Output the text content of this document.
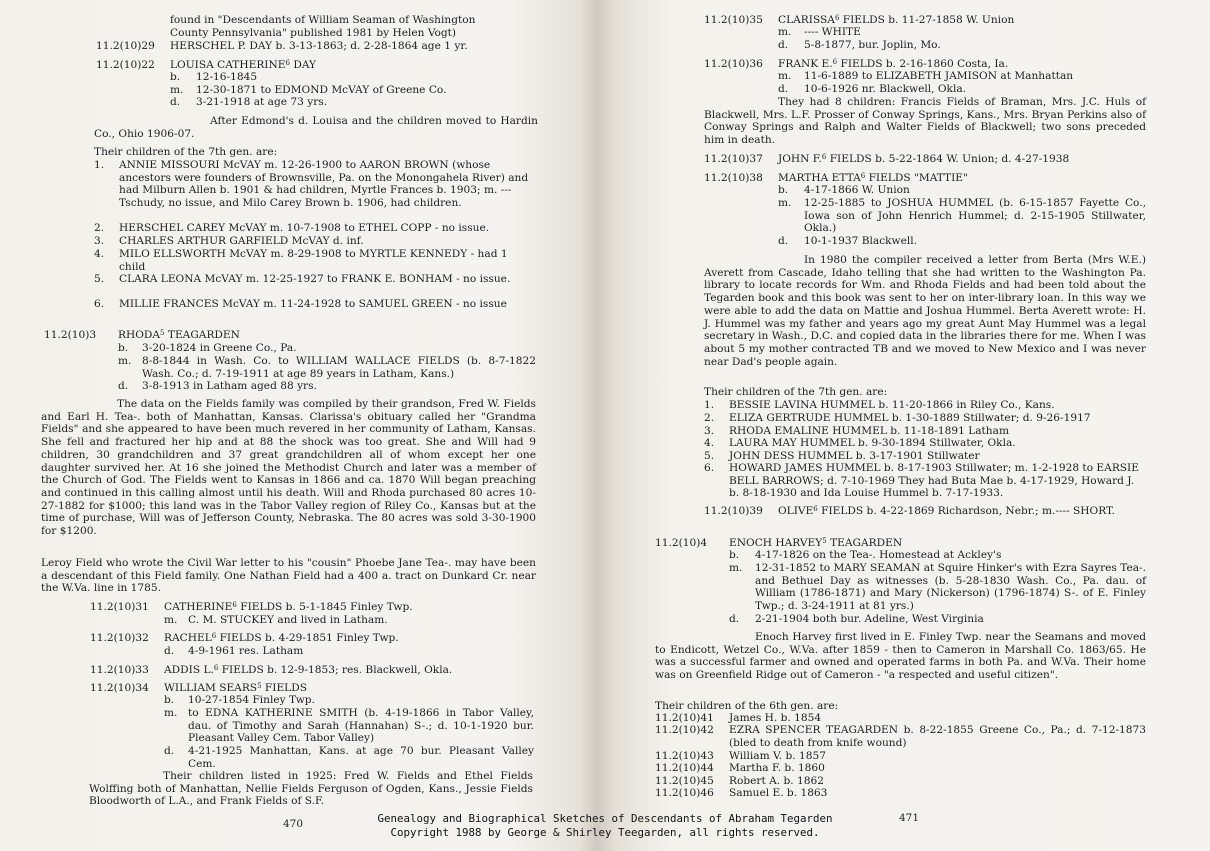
found in "Descendants of William Seaman of Washington
County Pennsylvania" published 1981 by Helen Vogt)
11.2(10)29 HERSCHEL P. DAY b. 3-13-1863; d. 2-28-1864 age 1 yr.
11.2(10)22 LOUISA CATHERINE$^6$ DAY
b. 12-16-1845
m. 12-30-1871 to EDMOND McVAY of Greene Co.
d. 3-21-1918 at age 73 yrs.
After Edmond's d. Louisa and the children moved to Hardin Co., Ohio 1906-07.
Their children of the 7th gen. are:
1. ANNIE MISSOURI McVAY m. 12-26-1900 to AARON BROWN (whose ancestors were founders of Brownsville, Pa. on the Monongahela River) and had Milburn Allen b. 1901 & had children, Myrtle Frances b. 1903; m. --- Tschudy, no issue, and Milo Carey Brown b. 1906, had children.
2. HERSCHEL CAREY McVAY m. 10-7-1908 to ETHEL COPP - no issue.
3. CHARLES ARTHUR GARFIELD McVAY d. inf.
4. MILO ELLSWORTH McVAY m. 8-29-1908 to MYRTLE KENNEDY - had 1 child
5. CLARA LEONA McVAY m. 12-25-1927 to FRANK E. BONHAM - no issue.
6. MILLIE FRANCES McVAY m. 11-24-1928 to SAMUEL GREEN - no issue
11.2(10)3 RHODA$^5$ TEAGARDEN
b. 3-20-1824 in Greene Co., Pa.
m. 8-8-1844 in Wash. Co. to WILLIAM WALLACE FIELDS (b. 8-7-1822 Wash. Co.; d. 7-19-1911 at age 89 years in Latham, Kans.)
d. 3-8-1913 in Latham aged 88 yrs.
The data on the Fields family was compiled by their grandson, Fred W. Fields and Earl H. Tea-. both of Manhattan, Kansas. Clarissa's obituary called her "Grandma Fields" and she appeared to have been much revered in her community of Latham, Kansas. She fell and fractured her hip and at 88 the shock was too great. She and Will had 9 children, 30 grandchildren and 37 great grandchildren all of whom except her one daughter survived her. At 16 she joined the Methodist Church and later was a member of the Church of God. The Fields went to Kansas in 1866 and ca. 1870 Will began preaching and continued in this calling almost until his death. Will and Rhoda purchased 80 acres 10-27-1882 for $1000; this land was in the Tabor Valley region of Riley Co., Kansas but at the time of purchase, Will was of Jefferson County, Nebraska. The 80 acres was sold 3-30-1900 for $1200.
Leroy Field who wrote the Civil War letter to his "cousin" Phoebe Jane Tea-. may have been a descendant of this Field family. One Nathan Field had a 400 a. tract on Dunkard Cr. near the W.Va. line in 1785.
11.2(10)31 CATHERINE$^6$ FIELDS b. 5-1-1845 Finley Twp.
m. C. M. STUCKEY and lived in Latham.
11.2(10)32 RACHEL$^6$ FIELDS b. 4-29-1851 Finley Twp.
d. 4-9-1961 res. Latham
11.2(10)33 ADDIS L.$^6$ FIELDS b. 12-9-1853; res. Blackwell, Okla.
11.2(10)34 WILLIAM SEARS$^5$ FIELDS
b. 10-27-1854 Finley Twp.
m. to EDNA KATHERINE SMITH (b. 4-19-1866 in Tabor Valley, dau. of Timothy and Sarah (Hannahan) S-.; d. 10-1-1920 bur. Pleasant Valley Cem. Tabor Valley)
d. 4-21-1925 Manhattan, Kans. at age 70 bur. Pleasant Valley Cem.
Their children listed in 1925: Fred W. Fields and Ethel Fields Wolffing both of Manhattan, Nellie Fields Ferguson of Ogden, Kans., Jessie Fields Bloodworth of L.A., and Frank Fields of S.F.
470
11.2(10)35 CLARISSA$^6$ FIELDS b. 11-27-1858 W. Union
m. ---- WHITE
d. 5-8-1877, bur. Joplin, Mo.
11.2(10)36 FRANK E.$^6$ FIELDS b. 2-16-1860 Costa, Ia.
m. 11-6-1889 to ELIZABETH JAMISON at Manhattan
d. 10-6-1926 nr. Blackwell, Okla.
They had 8 children: Francis Fields of Braman, Mrs. J.C. Huls of Blackwell, Mrs. L.F. Prosser of Conway Springs, Kans., Mrs. Bryan Perkins also of Conway Springs and Ralph and Walter Fields of Blackwell; two sons preceded him in death.
11.2(10)37 JOHN F.$^6$ FIELDS b. 5-22-1864 W. Union; d. 4-27-1938
11.2(10)38 MARTHA ETTA$^6$ FIELDS "MATTIE"
b. 4-17-1866 W. Union
m. 12-25-1885 to JOSHUA HUMMEL (b. 6-15-1857 Fayette Co., Iowa son of John Henrich Hummel; d. 2-15-1905 Stillwater, Okla.)
d. 10-1-1937 Blackwell.
In 1980 the compiler received a letter from Berta (Mrs W.E.) Averett from Cascade, Idaho telling that she had written to the Washington Pa. library to locate records for Wm. and Rhoda Fields and had been told about the Tegarden book and this book was sent to her on inter-library loan. In this way we were able to add the data on Mattie and Joshua Hummel. Berta Averett wrote: H. J. Hummel was my father and years ago my great Aunt May Hummel was a legal secretary in Wash., D.C. and copied data in the libraries there for me. When I was about 5 my mother contracted TB and we moved to New Mexico and I was never near Dad's people again.
Their children of the 7th gen. are:
1. BESSIE LAVINA HUMMEL b. 11-20-1866 in Riley Co., Kans.
2. ELIZA GERTRUDE HUMMEL b. 1-30-1889 Stillwater; d. 9-26-1917
3. RHODA EMALINE HUMMEL b. 11-18-1891 Latham
4. LAURA MAY HUMMEL b. 9-30-1894 Stillwater, Okla.
5. JOHN DESS HUMMEL b. 3-17-1901 Stillwater
6. HOWARD JAMES HUMMEL b. 8-17-1903 Stillwater; m. 1-2-1928 to EARSIE BELL BARROWS; d. 7-10-1969 They had Buta Mae b. 4-17-1929, Howard J. b. 8-18-1930 and Ida Louise Hummel b. 7-17-1933.
11.2(10)39 OLIVE$^6$ FIELDS b. 4-22-1869 Richardson, Nebr.; m.---- SHORT.
11.2(10)4 ENOCH HARVEY$^5$ TEAGARDEN
b. 4-17-1826 on the Tea-. Homestead at Ackley's
m. 12-31-1852 to MARY SEAMAN at Squire Hinker's with Ezra Sayres Tea-. and Bethuel Day as witnesses (b. 5-28-1830 Wash. Co., Pa. dau. of William (1786-1871) and Mary (Nickerson) (1796-1874) S-. of E. Finley Twp.; d. 3-24-1911 at 81 yrs.)
d. 2-21-1904 both bur. Adeline, West Virginia
Enoch Harvey first lived in E. Finley Twp. near the Seamans and moved to Endicott, Wetzel Co., W.Va. after 1859 - then to Cameron in Marshall Co. 1863/65. He was a successful farmer and owned and operated farms in both Pa. and W.Va. Their home was on Greenfield Ridge out of Cameron - "a respected and useful citizen".
Their children of the 6th gen. are:
11.2(10)41 James H. b. 1854
11.2(10)42 EZRA SPENCER TEAGARDEN b. 8-22-1855 Greene Co., Pa.; d. 7-12-1873 (bled to death from knife wound)
11.2(10)43 William V. b. 1857
11.2(10)44 Martha F. b. 1860
11.2(10)45 Robert A. b. 1862
11.2(10)46 Samuel E. b. 1863
471
Genealogy and Biographical Sketches of Descendants of Abraham Tegarden
Copyright 1988 by George & Shirley Teegarden, all rights reserved.
